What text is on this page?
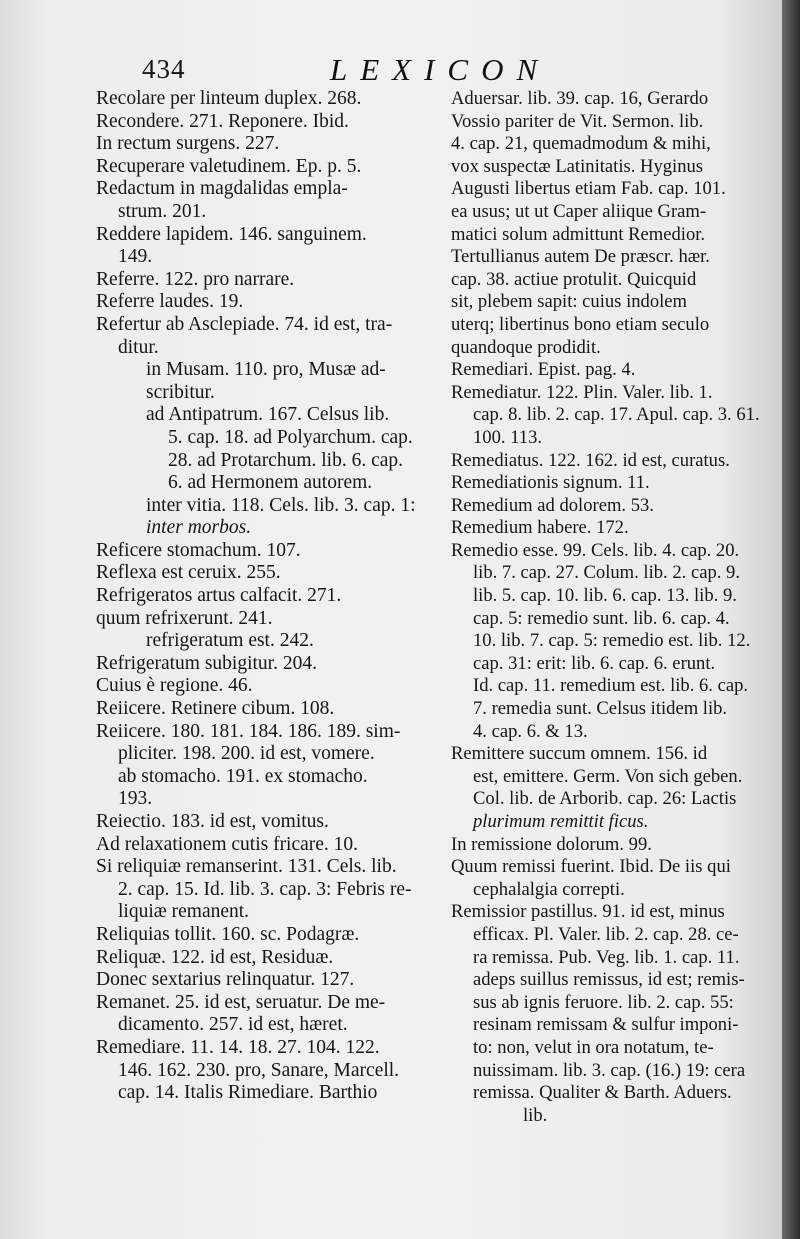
434	LEXICON
Recolare per linteum duplex. 268.
Recondere. 271. Reponere. Ibid.
In rectum surgens. 227.
Recuperare valetudinem. Ep. p. 5.
Redactum in magdalidas empla-
strum. 201.
Reddere lapidem. 146. sanguinem.
149.
Referre. 122. pro narrare.
Referre laudes. 19.
Refertur ab Asclepiade. 74. id est, tra-
ditur.
in Musam. 110. pro, Musæ ad-
scribitur.
ad Antipatrum. 167. Celsus lib.
5. cap. 18. ad Polyarchum. cap.
28. ad Protarchum. lib. 6. cap.
6. ad Hermonem autorem.
inter vitia. 118. Cels. lib. 3. cap. 1:
inter morbos.
Reficere stomachum. 107.
Reflexa est ceruix. 255.
Refrigeratos artus calfacit. 271.
quum refrixerunt. 241.
refrigeratum est. 242.
Refrigeratum subigitur. 204.
Cuius è regione. 46.
Reiicere. Retinere cibum. 108.
Reiicere. 180. 181. 184. 186. 189. sim-
pliciter. 198. 200. id est, vomere.
ab stomacho. 191. ex stomacho.
193.
Reiectio. 183. id est, vomitus.
Ad relaxationem cutis fricare. 10.
Si reliquiæ remanserint. 131. Cels. lib.
2. cap. 15. Id. lib. 3. cap. 3: Febris re-
liquiæ remanent.
Reliquias tollit. 160. sc. Podagræ.
Reliquæ. 122. id est, Residuæ.
Donec sextarius relinquatur. 127.
Remanet. 25. id est, seruatur. De me-
dicamento. 257. id est, hæret.
Remediare. 11. 14. 18. 27. 104. 122.
146. 162. 230. pro, Sanare, Marcell.
cap. 14. Italis Rimediare. Barthio
Aduersar. lib. 39. cap. 16, Gerardo
Vossio pariter de Vit. Sermon. lib.
4. cap. 21, quemadmodum & mihi,
vox suspectæ Latinitatis. Hyginus
Augusti libertus etiam Fab. cap. 101.
ea usus; ut ut Caper aliique Gram-
matici solum admittunt Remedior.
Tertullianus autem De præscr. hær.
cap. 38. actiue protulit. Quicquid
sit, plebem sapit: cuius indolem
uterq; libertinus bono etiam seculo
quandoque prodidit.
Remediari. Epist. pag. 4.
Remediatur. 122. Plin. Valer. lib. 1.
cap. 8. lib. 2. cap. 17. Apul. cap. 3. 61.
100. 113.
Remediatus. 122. 162. id est, curatus.
Remediationis signum. 11.
Remedium ad dolorem. 53.
Remedium habere. 172.
Remedio esse. 99. Cels. lib. 4. cap. 20.
lib. 7. cap. 27. Colum. lib. 2. cap. 9.
lib. 5. cap. 10. lib. 6. cap. 13. lib. 9.
cap. 5: remedio sunt. lib. 6. cap. 4.
10. lib. 7. cap. 5: remedio est. lib. 12.
cap. 31: erit: lib. 6. cap. 6. erunt.
Id. cap. 11. remedium est. lib. 6. cap.
7. remedia sunt. Celsus itidem lib.
4. cap. 6. & 13.
Remittere succum omnem. 156. id
est, emittere. Germ. Von sich geben.
Col. lib. de Arborib. cap. 26: Lactis
plurimum remittit ficus.
In remissione dolorum. 99.
Quum remissi fuerint. Ibid. De iis qui
cephalalgia correpti.
Remissior pastillus. 91. id est, minus
efficax. Pl. Valer. lib. 2. cap. 28. ce-
ra remissa. Pub. Veg. lib. 1. cap. 11.
adeps suillus remissus, id est; remis-
sus ab ignis feruore. lib. 2. cap. 55:
resinam remissam & sulfur imponi-
to: non, velut in ora notatum, te-
nuissimam. lib. 3. cap. (16.) 19: cera
remissa. Qualiter & Barth. Aduers.
lib.
